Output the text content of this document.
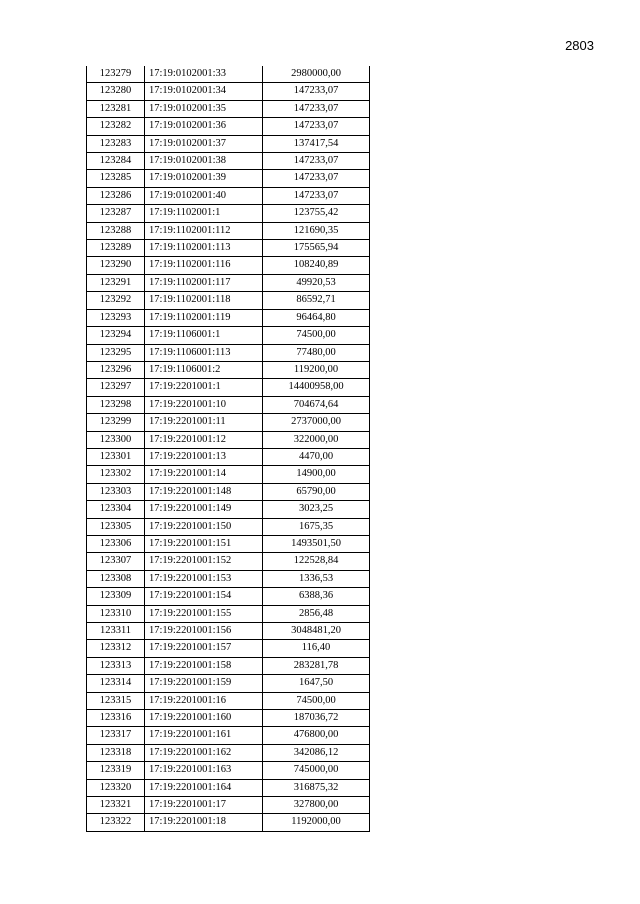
2803
123279	17:19:0102001:33	2980000,00
123280	17:19:0102001:34	147233,07
123281	17:19:0102001:35	147233,07
123282	17:19:0102001:36	147233,07
123283	17:19:0102001:37	137417,54
123284	17:19:0102001:38	147233,07
123285	17:19:0102001:39	147233,07
123286	17:19:0102001:40	147233,07
123287	17:19:1102001:1	123755,42
123288	17:19:1102001:112	121690,35
123289	17:19:1102001:113	175565,94
123290	17:19:1102001:116	108240,89
123291	17:19:1102001:117	49920,53
123292	17:19:1102001:118	86592,71
123293	17:19:1102001:119	96464,80
123294	17:19:1106001:1	74500,00
123295	17:19:1106001:113	77480,00
123296	17:19:1106001:2	119200,00
123297	17:19:2201001:1	14400958,00
123298	17:19:2201001:10	704674,64
123299	17:19:2201001:11	2737000,00
123300	17:19:2201001:12	322000,00
123301	17:19:2201001:13	4470,00
123302	17:19:2201001:14	14900,00
123303	17:19:2201001:148	65790,00
123304	17:19:2201001:149	3023,25
123305	17:19:2201001:150	1675,35
123306	17:19:2201001:151	1493501,50
123307	17:19:2201001:152	122528,84
123308	17:19:2201001:153	1336,53
123309	17:19:2201001:154	6388,36
123310	17:19:2201001:155	2856,48
123311	17:19:2201001:156	3048481,20
123312	17:19:2201001:157	116,40
123313	17:19:2201001:158	283281,78
123314	17:19:2201001:159	1647,50
123315	17:19:2201001:16	74500,00
123316	17:19:2201001:160	187036,72
123317	17:19:2201001:161	476800,00
123318	17:19:2201001:162	342086,12
123319	17:19:2201001:163	745000,00
123320	17:19:2201001:164	316875,32
123321	17:19:2201001:17	327800,00
123322	17:19:2201001:18	1192000,00
